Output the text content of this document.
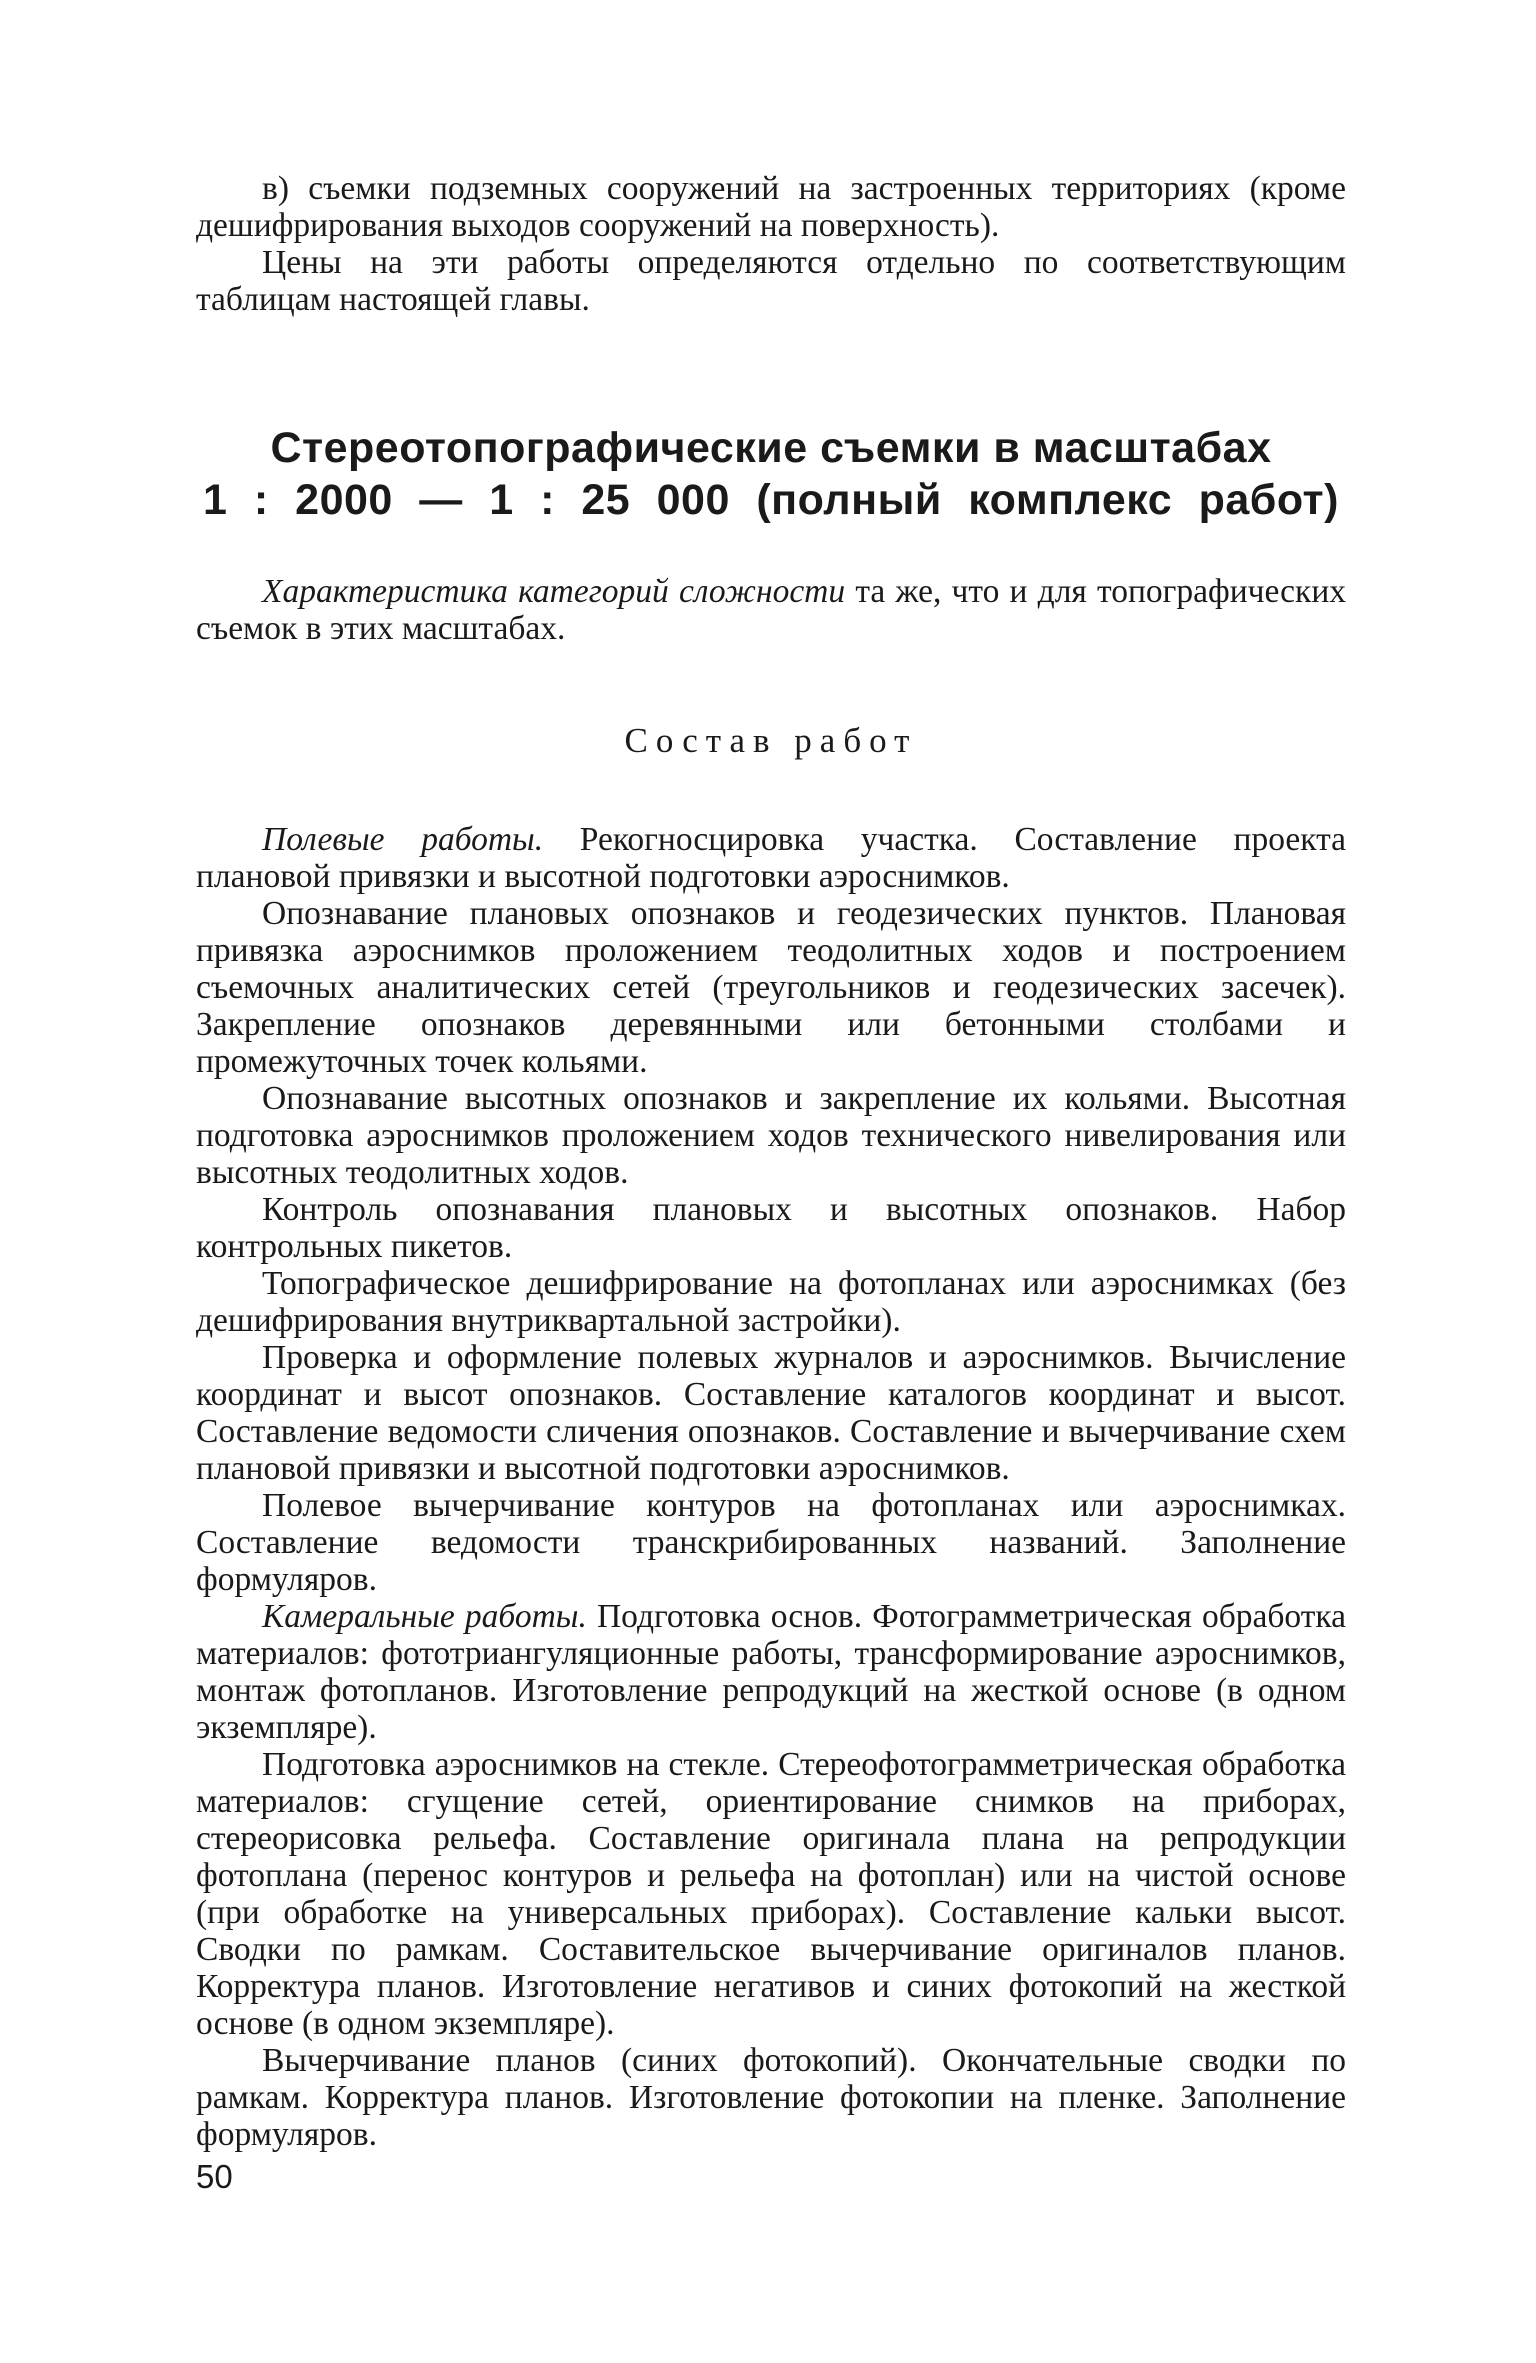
в) съемки подземных сооружений на застроенных территориях (кроме дешифрирования выходов сооружений на поверхность).

Цены на эти работы определяются отдельно по соответствующим таблицам настоящей главы.

Стереотопографические съемки в масштабах
1 : 2000 — 1 : 25 000 (полный комплекс работ)

Характеристика категорий сложности та же, что и для топографических съемок в этих масштабах.

Состав работ

Полевые работы. Рекогносцировка участка. Составление проекта плановой привязки и высотной подготовки аэроснимков.

Опознавание плановых опознаков и геодезических пунктов. Плановая привязка аэроснимков проложением теодолитных ходов и построением съемочных аналитических сетей (треугольников и геодезических засечек). Закрепление опознаков деревянными или бетонными столбами и промежуточных точек кольями.

Опознавание высотных опознаков и закрепление их кольями. Высотная подготовка аэроснимков проложением ходов технического нивелирования или высотных теодолитных ходов.

Контроль опознавания плановых и высотных опознаков. Набор контрольных пикетов.

Топографическое дешифрирование на фотопланах или аэроснимках (без дешифрирования внутриквартальной застройки).

Проверка и оформление полевых журналов и аэроснимков. Вычисление координат и высот опознаков. Составление каталогов координат и высот. Составление ведомости сличения опознаков. Составление и вычерчивание схем плановой привязки и высотной подготовки аэроснимков.

Полевое вычерчивание контуров на фотопланах или аэроснимках. Составление ведомости транскрибированных названий. Заполнение формуляров.

Камеральные работы. Подготовка основ. Фотограмметрическая обработка материалов: фототриангуляционные работы, трансформирование аэроснимков, монтаж фотопланов. Изготовление репродукций на жесткой основе (в одном экземпляре).

Подготовка аэроснимков на стекле. Стереофотограмметрическая обработка материалов: сгущение сетей, ориентирование снимков на приборах, стереорисовка рельефа. Составление оригинала плана на репродукции фотоплана (перенос контуров и рельефа на фотоплан) или на чистой основе (при обработке на универсальных приборах). Составление кальки высот. Сводки по рамкам. Составительское вычерчивание оригиналов планов. Корректура планов. Изготовление негативов и синих фотокопий на жесткой основе (в одном экземпляре).

Вычерчивание планов (синих фотокопий). Окончательные сводки по рамкам. Корректура планов. Изготовление фотокопии на пленке. Заполнение формуляров.

50
